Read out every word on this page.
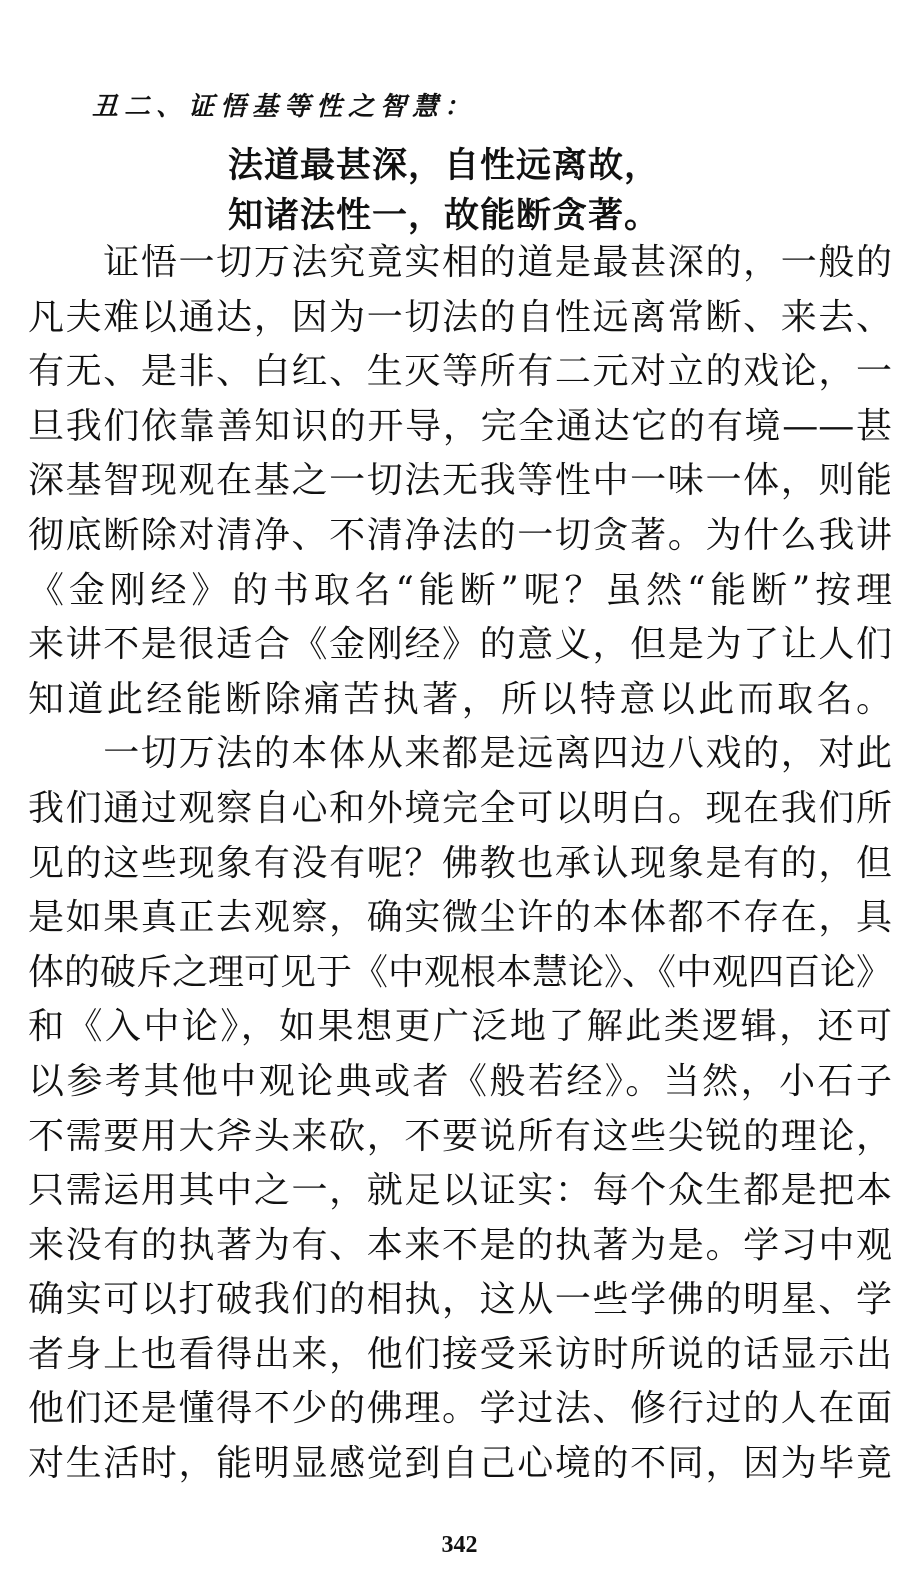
丑二、证悟基等性之智慧：
法道最甚深，自性远离故，
知诸法性一，故能断贪著。
　　证悟一切万法究竟实相的道是最甚深的，一般的
凡夫难以通达，因为一切法的自性远离常断、来去、
有无、是非、白红、生灭等所有二元对立的戏论，一
旦我们依靠善知识的开导，完全通达它的有境——甚
深基智现观在基之一切法无我等性中一味一体，则能
彻底断除对清净、不清净法的一切贪著。为什么我讲
《金刚经》的书取名“能断”呢？虽然“能断”按理
来讲不是很适合《金刚经》的意义，但是为了让人们
知道此经能断除痛苦执著，所以特意以此而取名。
　　一切万法的本体从来都是远离四边八戏的，对此
我们通过观察自心和外境完全可以明白。现在我们所
见的这些现象有没有呢？佛教也承认现象是有的，但
是如果真正去观察，确实微尘许的本体都不存在，具
体的破斥之理可见于《中观根本慧论》、《中观四百论》
和《入中论》，如果想更广泛地了解此类逻辑，还可
以参考其他中观论典或者《般若经》。当然，小石子
不需要用大斧头来砍，不要说所有这些尖锐的理论，
只需运用其中之一，就足以证实：每个众生都是把本
来没有的执著为有、本来不是的执著为是。学习中观
确实可以打破我们的相执，这从一些学佛的明星、学
者身上也看得出来，他们接受采访时所说的话显示出
他们还是懂得不少的佛理。学过法、修行过的人在面
对生活时，能明显感觉到自己心境的不同，因为毕竟
342
